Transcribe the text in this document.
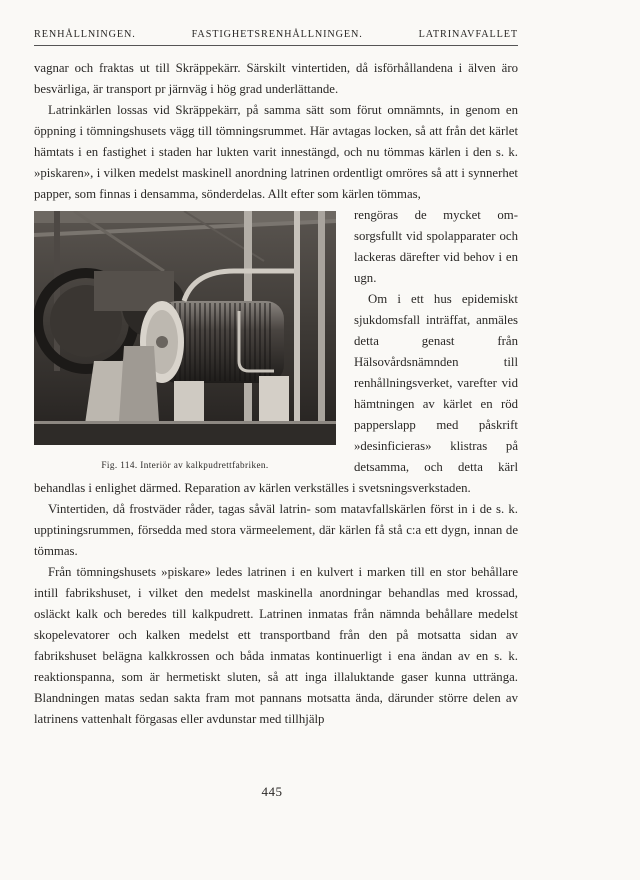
RENHÅLLNINGEN.	FASTIGHETSRENHÅLLNINGEN.	LATRINAVFALLET

vagnar och fraktas ut till Skräppekärr. Särskilt vintertiden, då isförhållandena i älven äro besvärliga, är transport pr järnväg i hög grad underlättande.

Latrinkärlen lossas vid Skräppekärr, på samma sätt som förut omnämnts, in genom en öppning i tömningshusets vägg till tömningsrummet. Här avtagas locken, så att från det kärlet hämtats i en fastighet i staden har lukten varit innestängd, och nu tömmas kärlen i den s. k. »piskaren», i vilken medelst maskinell anordning latrinen ordentligt omröres så att i synnerhet papper, som finnas i densamma, sönderdelas. Allt efter som kärlen tömmas,

Fig. 114. Interiör av kalkpudrettfabriken.

rengöras de mycket omsorgsfullt vid spolapparater och lackeras därefter vid behov i en ugn.

Om i ett hus epidemiskt sjukdomsfall inträffat, anmäles detta genast från Hälsovårdsnämnden till renhållningsverket, varefter vid hämtningen av kärlet en röd papperslapp med påskrift »desinficieras» klistras på detsamma, och detta kärl behandlas i enlighet därmed. Reparation av kärlen verkställes i svetsningsverkstaden.

Vintertiden, då frostväder råder, tagas såväl latrin- som matavfallskärlen först in i de s. k. upptiningsrummen, försedda med stora värmeelement, där kärlen få stå c:a ett dygn, innan de tömmas.

Från tömningshusets »piskare» ledes latrinen i en kulvert i marken till en stor behållare intill fabrikshuset, i vilket den medelst maskinella anordningar behandlas med krossad, osläckt kalk och beredes till kalkpudrett. Latrinen inmatas från nämnda behållare medelst skopelevatorer och kalken medelst ett transportband från den på motsatta sidan av fabrikshuset belägna kalkkrossen och båda inmatas kontinuerligt i ena ändan av en s. k. reaktionspanna, som är hermetiskt sluten, så att inga illaluktande gaser kunna uttränga. Blandningen matas sedan sakta fram mot pannans motsatta ända, därunder större delen av latrinens vattenhalt förgasas eller avdunstar med tillhjälp

445
